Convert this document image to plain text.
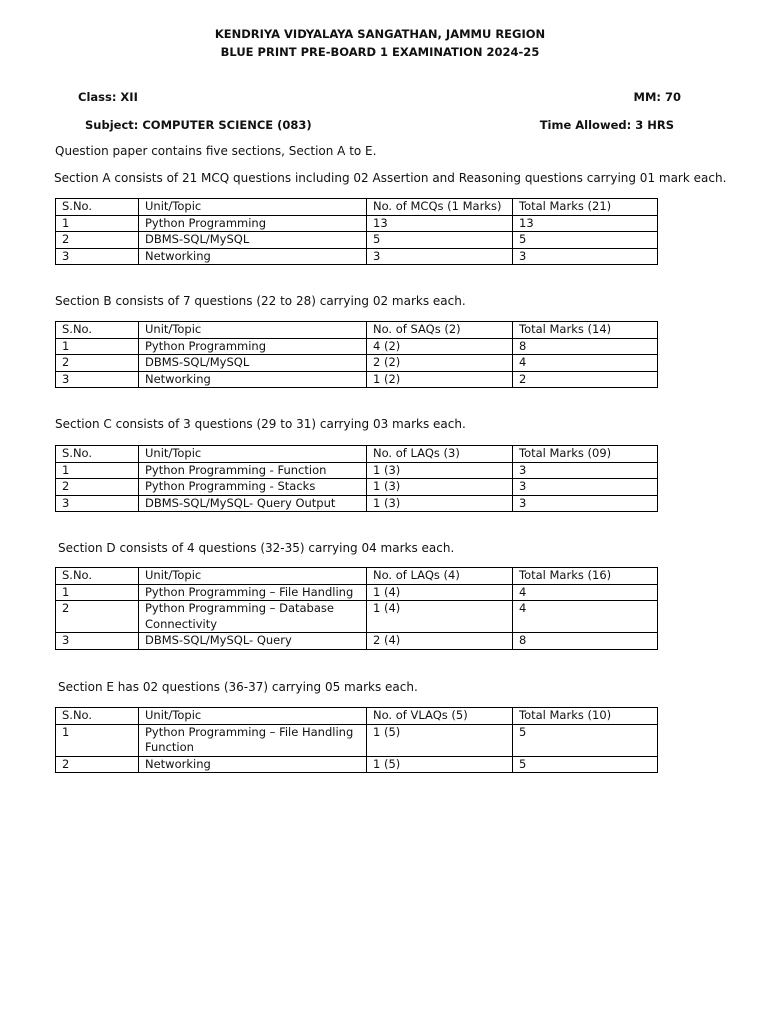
KENDRIYA VIDYALAYA SANGATHAN, JAMMU REGION
BLUE PRINT PRE-BOARD 1 EXAMINATION 2024-25
Class: XII	MM: 70
Subject: COMPUTER SCIENCE (083)	Time Allowed: 3 HRS
Question paper contains five sections, Section A to E.
Section A consists of 21 MCQ questions including 02 Assertion and Reasoning questions carrying 01 mark each.
S.No.	Unit/Topic	No. of MCQs (1 Marks)	Total Marks (21)
1	Python Programming	13	13
2	DBMS-SQL/MySQL	5	5
3	Networking	3	3
Section B consists of 7 questions (22 to 28) carrying 02 marks each.
S.No.	Unit/Topic	No. of SAQs (2)	Total Marks (14)
1	Python Programming	4 (2)	8
2	DBMS-SQL/MySQL	2 (2)	4
3	Networking	1 (2)	2
Section C consists of 3 questions (29 to 31) carrying 03 marks each.
S.No.	Unit/Topic	No. of LAQs (3)	Total Marks (09)
1	Python Programming - Function	1 (3)	3
2	Python Programming - Stacks	1 (3)	3
3	DBMS-SQL/MySQL- Query Output	1 (3)	3
Section D consists of 4 questions (32-35) carrying 04 marks each.
S.No.	Unit/Topic	No. of LAQs (4)	Total Marks (16)
1	Python Programming – File Handling	1 (4)	4
2	Python Programming – Database Connectivity	1 (4)	4
3	DBMS-SQL/MySQL- Query	2 (4)	8
Section E has 02 questions (36-37) carrying 05 marks each.
S.No.	Unit/Topic	No. of VLAQs (5)	Total Marks (10)
1	Python Programming – File Handling Function	1 (5)	5
2	Networking	1 (5)	5
